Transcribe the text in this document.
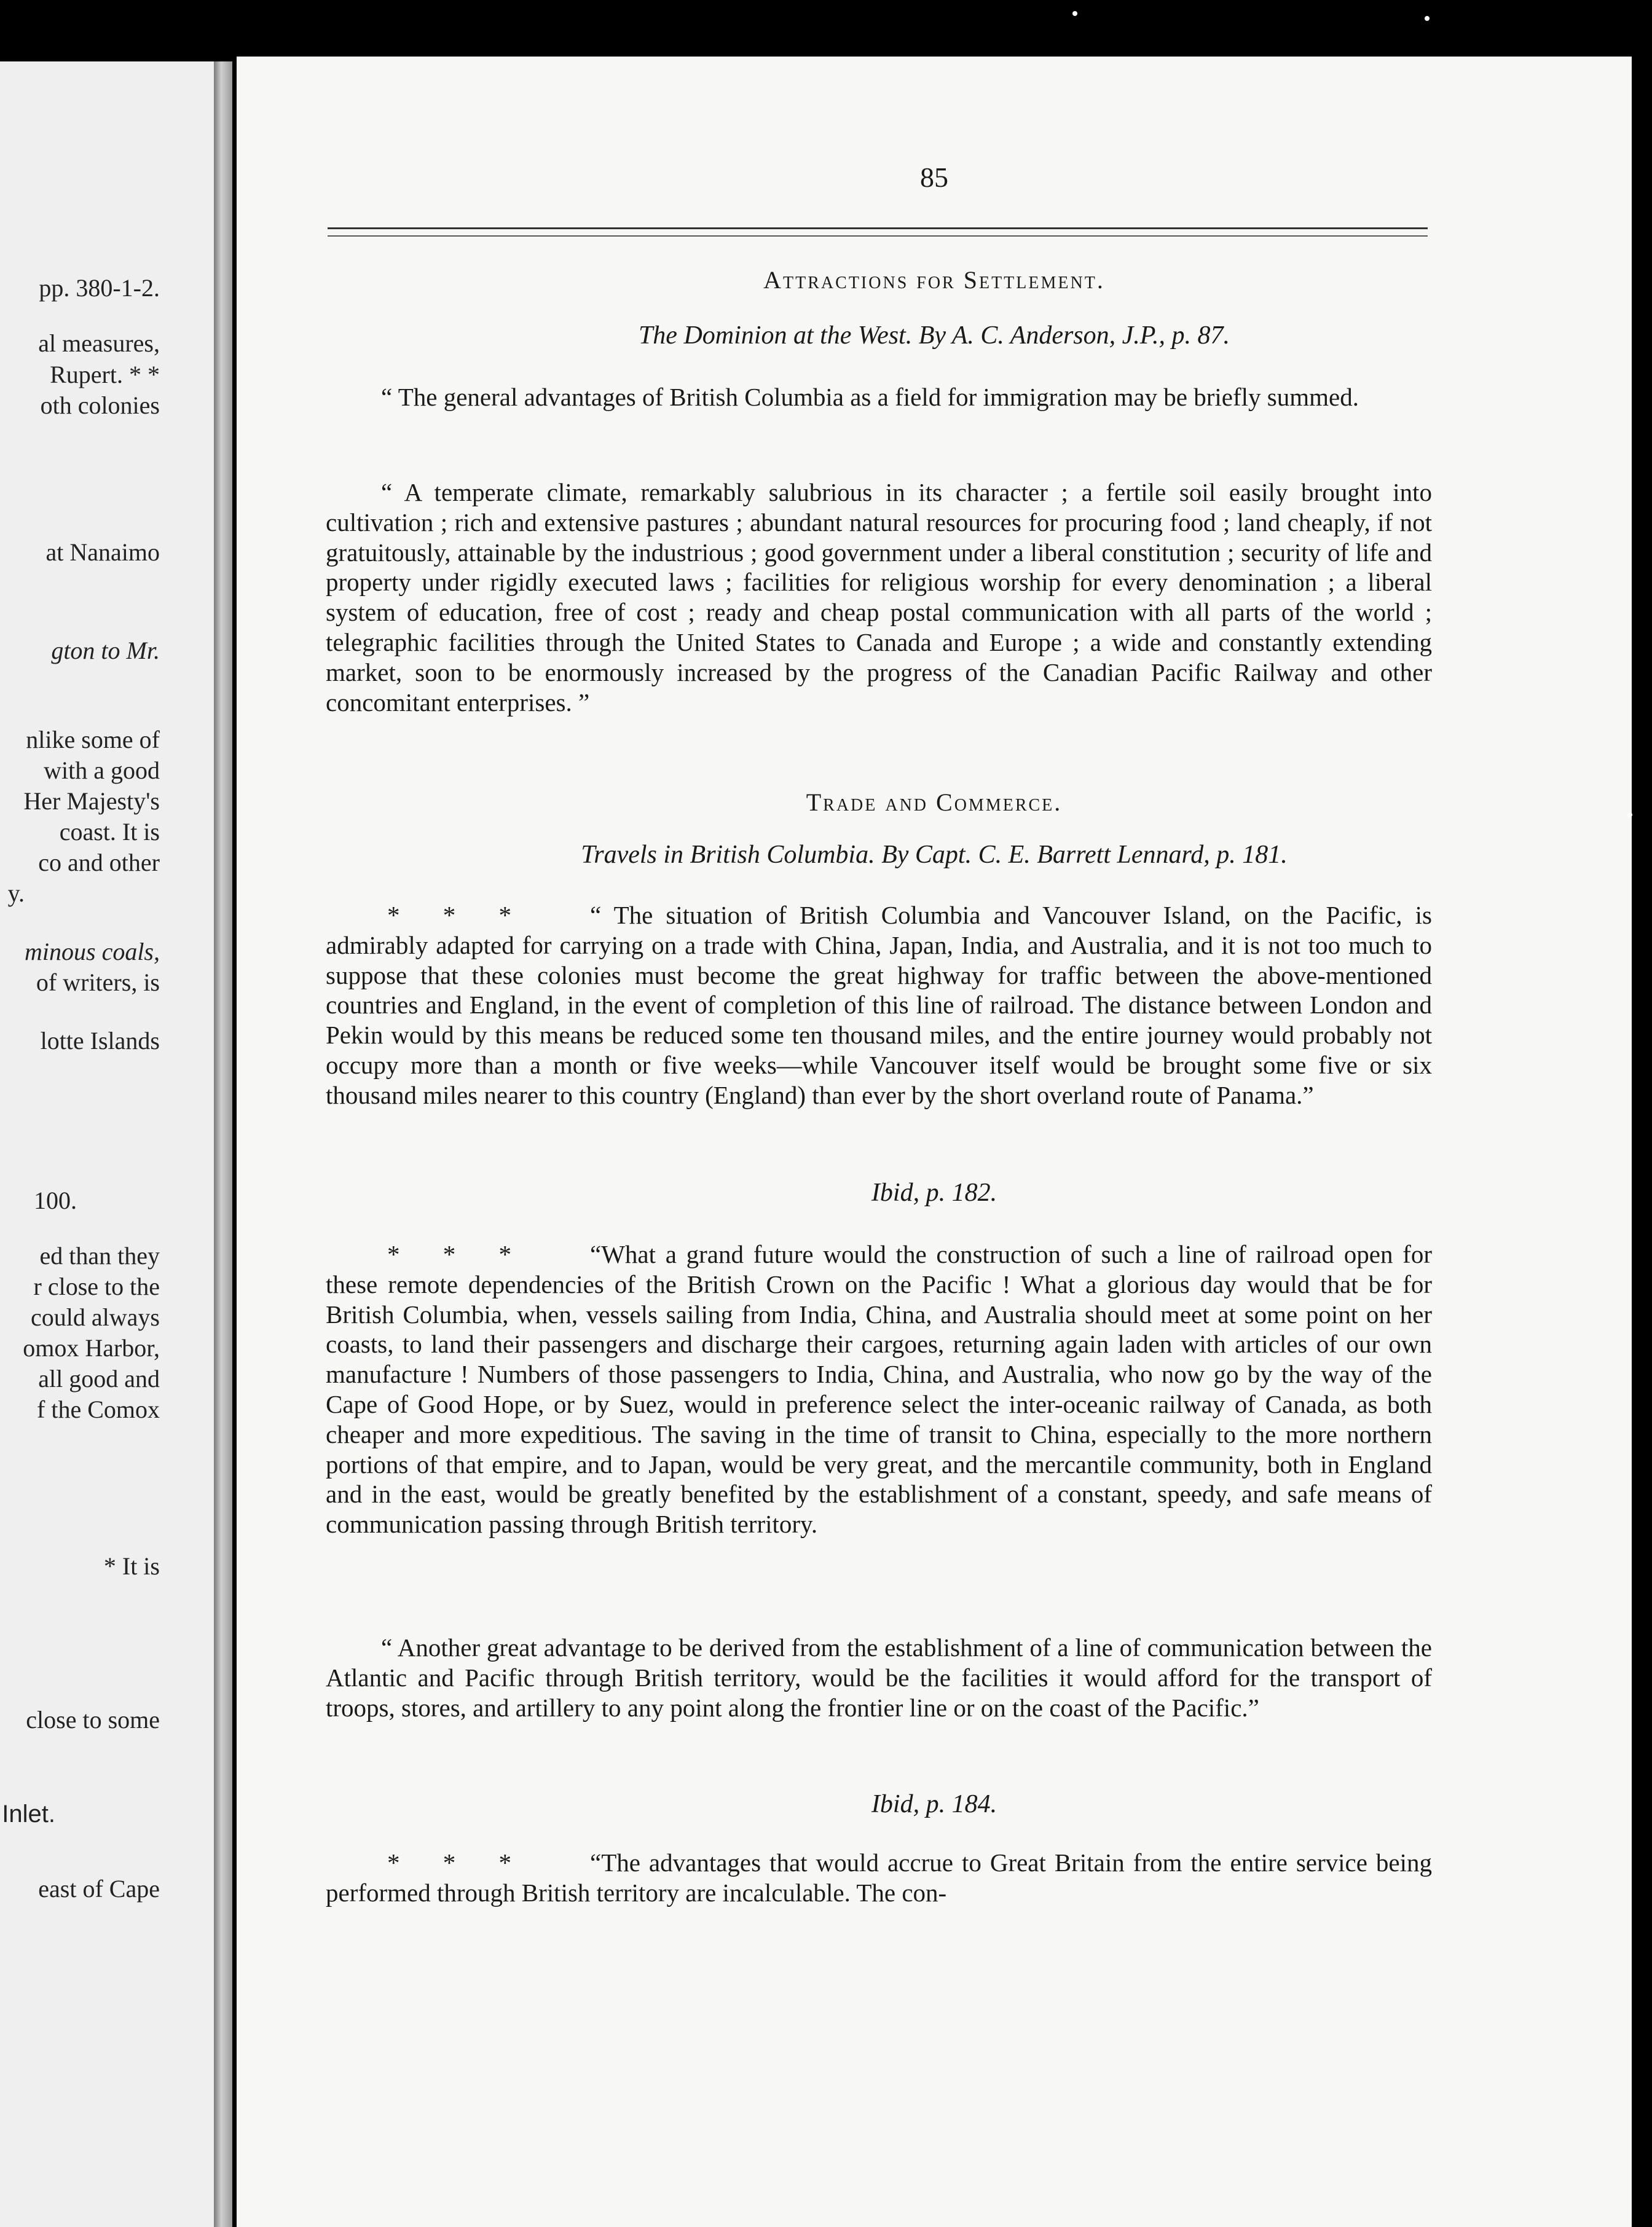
pp. 380-1-2.
al measures,
Rupert. * *
oth colonies
at Nanaimo
gton to Mr.
nlike some of
with a good
Her Majesty's
coast. It is
co and other
y.
minous coals,
of writers, is
lotte Islands
100.
ed than they
r close to the
could always
omox Harbor,
all good and
f the Comox
* It is
close to some
Inlet.
east of Cape
85
Attractions for Settlement.
The Dominion at the West. By A. C. Anderson, J.P., p. 87.
“ The general advantages of British Columbia as a field for immigration may be briefly summed.
“ A temperate climate, remarkably salubrious in its character ; a fertile soil easily brought into cultivation ; rich and extensive pastures ; abundant natural resources for procuring food ; land cheaply, if not gratuitously, attainable by the industrious ; good government under a liberal constitution ; security of life and property under rigidly executed laws ; facilities for religious worship for every denomination ; a liberal system of education, free of cost ; ready and cheap postal communication with all parts of the world ; telegraphic facilities through the United States to Canada and Europe ; a wide and constantly extending market, soon to be enormously increased by the progress of the Canadian Pacific Railway and other concomitant enterprises. ”
Trade and Commerce.
Travels in British Columbia. By Capt. C. E. Barrett Lennard, p. 181.
* * *	“ The situation of British Columbia and Vancouver Island, on the Pacific, is admirably adapted for carrying on a trade with China, Japan, India, and Australia, and it is not too much to suppose that these colonies must become the great highway for traffic between the above-mentioned countries and England, in the event of completion of this line of railroad. The distance between London and Pekin would by this means be reduced some ten thousand miles, and the entire journey would probably not occupy more than a month or five weeks—while Vancouver itself would be brought some five or six thousand miles nearer to this country (England) than ever by the short overland route of Panama.”
Ibid, p. 182.
* * *	“What a grand future would the construction of such a line of railroad open for these remote dependencies of the British Crown on the Pacific ! What a glorious day would that be for British Columbia, when, vessels sailing from India, China, and Australia should meet at some point on her coasts, to land their passengers and discharge their cargoes, returning again laden with articles of our own manufacture ! Numbers of those passengers to India, China, and Australia, who now go by the way of the Cape of Good Hope, or by Suez, would in preference select the inter-oceanic railway of Canada, as both cheaper and more expeditious. The saving in the time of transit to China, especially to the more northern portions of that empire, and to Japan, would be very great, and the mercantile community, both in England and in the east, would be greatly benefited by the establishment of a constant, speedy, and safe means of communication passing through British territory.
“ Another great advantage to be derived from the establishment of a line of communication between the Atlantic and Pacific through British territory, would be the facilities it would afford for the transport of troops, stores, and artillery to any point along the frontier line or on the coast of the Pacific.”
Ibid, p. 184.
* * *	“The advantages that would accrue to Great Britain from the entire service being performed through British territory are incalculable. The con-
